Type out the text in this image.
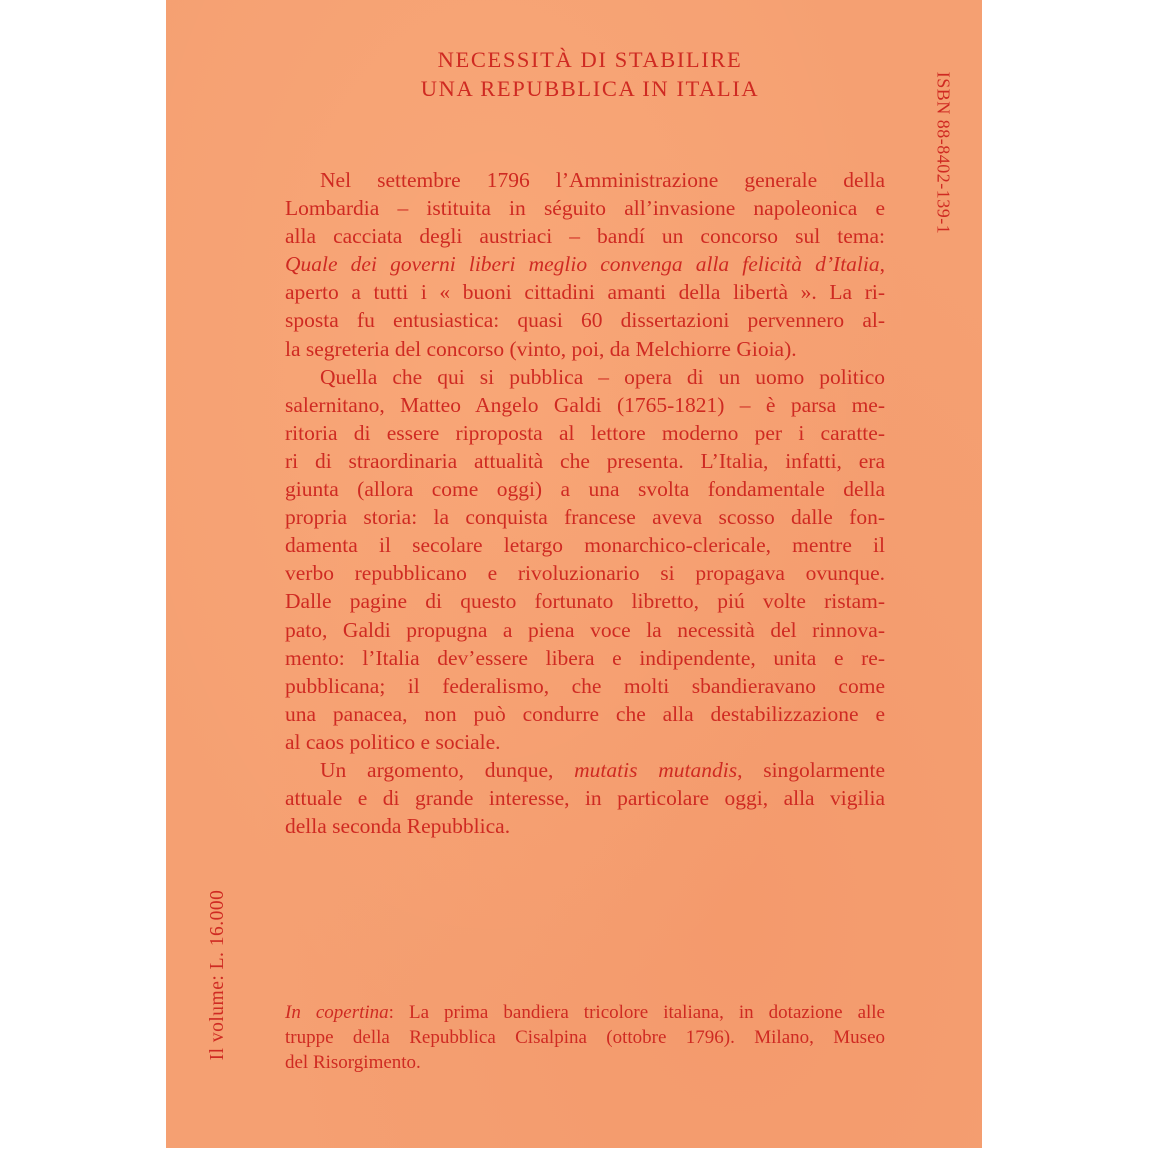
NECESSITÀ DI STABILIRE
UNA REPUBBLICA IN ITALIA	ISBN 88-8402-139-1
Il volume: L. 16.000
Nel settembre 1796 l’Amministrazione generale della
Lombardia – istituita in séguito all’invasione napoleonica e
alla cacciata degli austriaci – bandí un concorso sul tema:
Quale dei governi liberi meglio convenga alla felicità d’Italia,
aperto a tutti i « buoni cittadini amanti della libertà ». La ri-
sposta fu entusiastica: quasi 60 dissertazioni pervennero al-
la segreteria del concorso (vinto, poi, da Melchiorre Gioia).
Quella che qui si pubblica – opera di un uomo politico
salernitano, Matteo Angelo Galdi (1765-1821) – è parsa me-
ritoria di essere riproposta al lettore moderno per i caratte-
ri di straordinaria attualità che presenta. L’Italia, infatti, era
giunta (allora come oggi) a una svolta fondamentale della
propria storia: la conquista francese aveva scosso dalle fon-
damenta il secolare letargo monarchico-clericale, mentre il
verbo repubblicano e rivoluzionario si propagava ovunque.
Dalle pagine di questo fortunato libretto, piú volte ristam-
pato, Galdi propugna a piena voce la necessità del rinnova-
mento: l’Italia dev’essere libera e indipendente, unita e re-
pubblicana; il federalismo, che molti sbandieravano come
una panacea, non può condurre che alla destabilizzazione e
al caos politico e sociale.
Un argomento, dunque, mutatis mutandis, singolarmente
attuale e di grande interesse, in particolare oggi, alla vigilia
della seconda Repubblica.
In copertina: La prima bandiera tricolore italiana, in dotazione alle
truppe della Repubblica Cisalpina (ottobre 1796). Milano, Museo
del Risorgimento.
